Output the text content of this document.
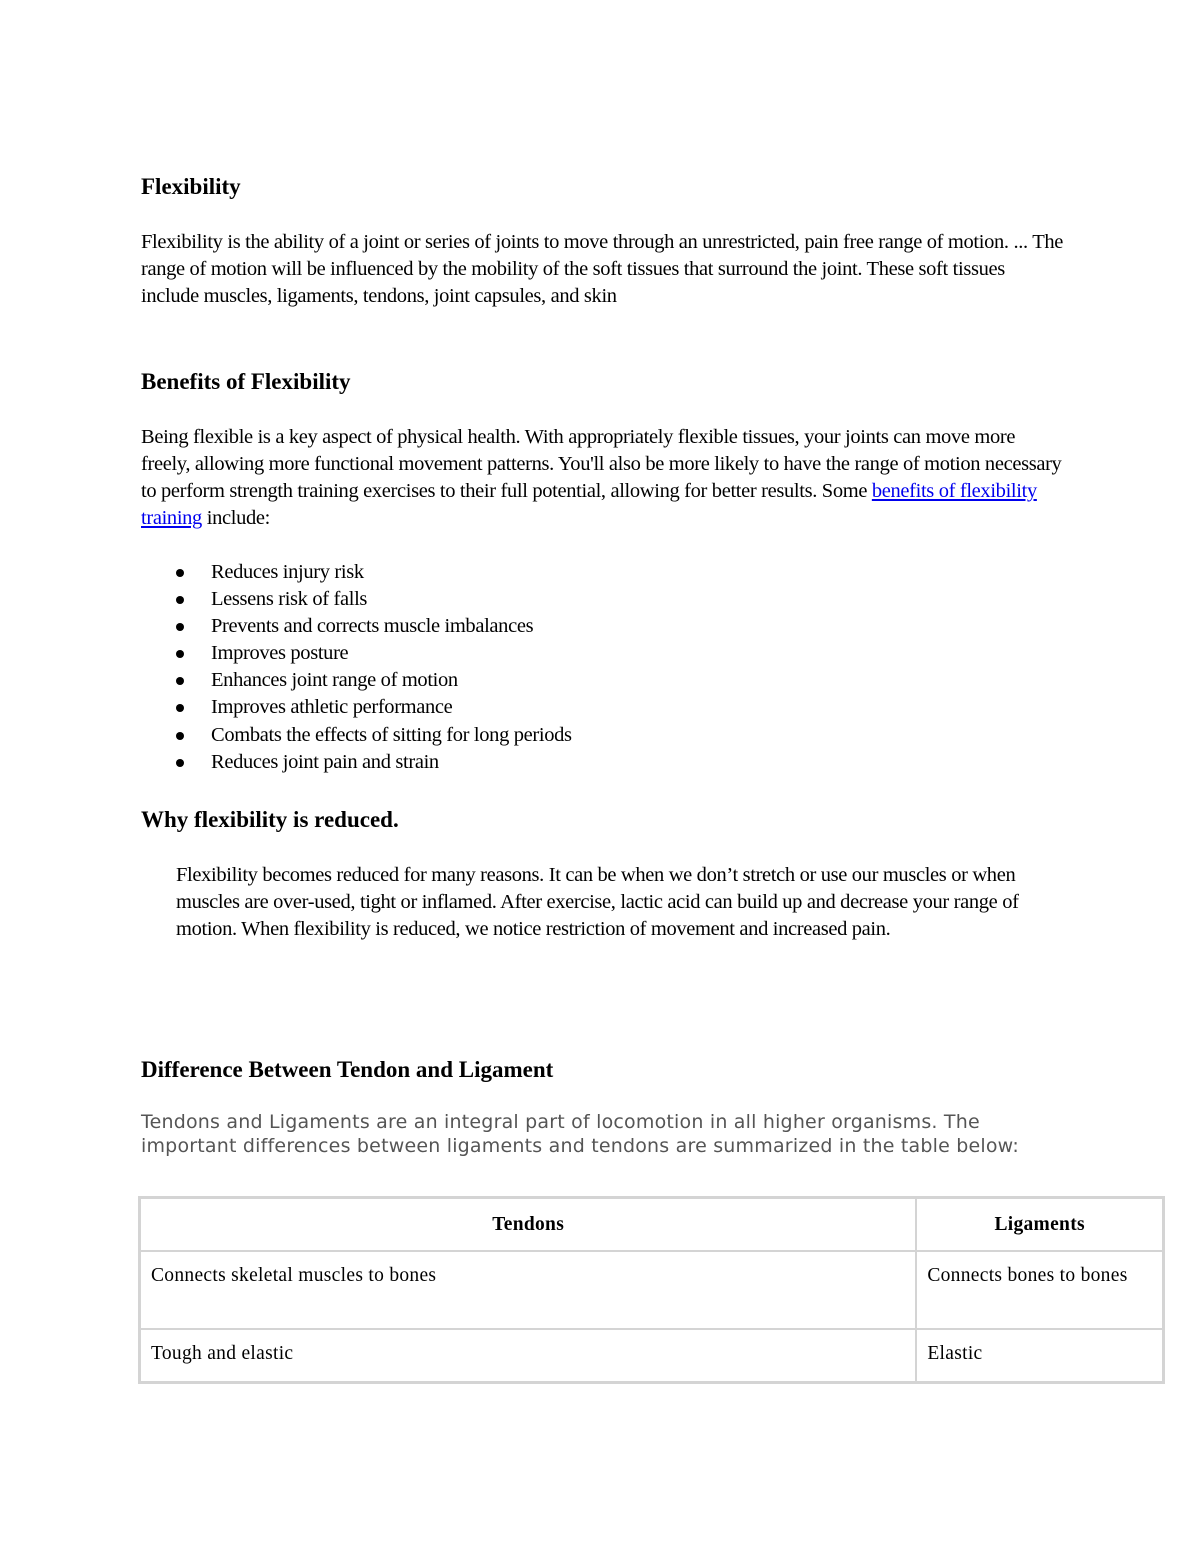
Flexibility

Flexibility is the ability of a joint or series of joints to move through an unrestricted, pain free range of motion. ... The range of motion will be influenced by the mobility of the soft tissues that surround the joint. These soft tissues include muscles, ligaments, tendons, joint capsules, and skin

Benefits of Flexibility

Being flexible is a key aspect of physical health. With appropriately flexible tissues, your joints can move more freely, allowing more functional movement patterns. You'll also be more likely to have the range of motion necessary to perform strength training exercises to their full potential, allowing for better results. Some benefits of flexibility training include:

Reduces injury risk
Lessens risk of falls
Prevents and corrects muscle imbalances
Improves posture
Enhances joint range of motion
Improves athletic performance
Combats the effects of sitting for long periods
Reduces joint pain and strain
Why flexibility is reduced.

Flexibility becomes reduced for many reasons. It can be when we don’t stretch or use our muscles or when muscles are over-used, tight or inflamed. After exercise, lactic acid can build up and decrease your range of motion. When flexibility is reduced, we notice restriction of movement and increased pain.

Difference Between Tendon and Ligament

Tendons and Ligaments are an integral part of locomotion in all higher organisms. The important differences between ligaments and tendons are summarized in the table below:

Tendons	Ligaments
Connects skeletal muscles to bones	Connects bones to bones
Tough and elastic	Elastic
